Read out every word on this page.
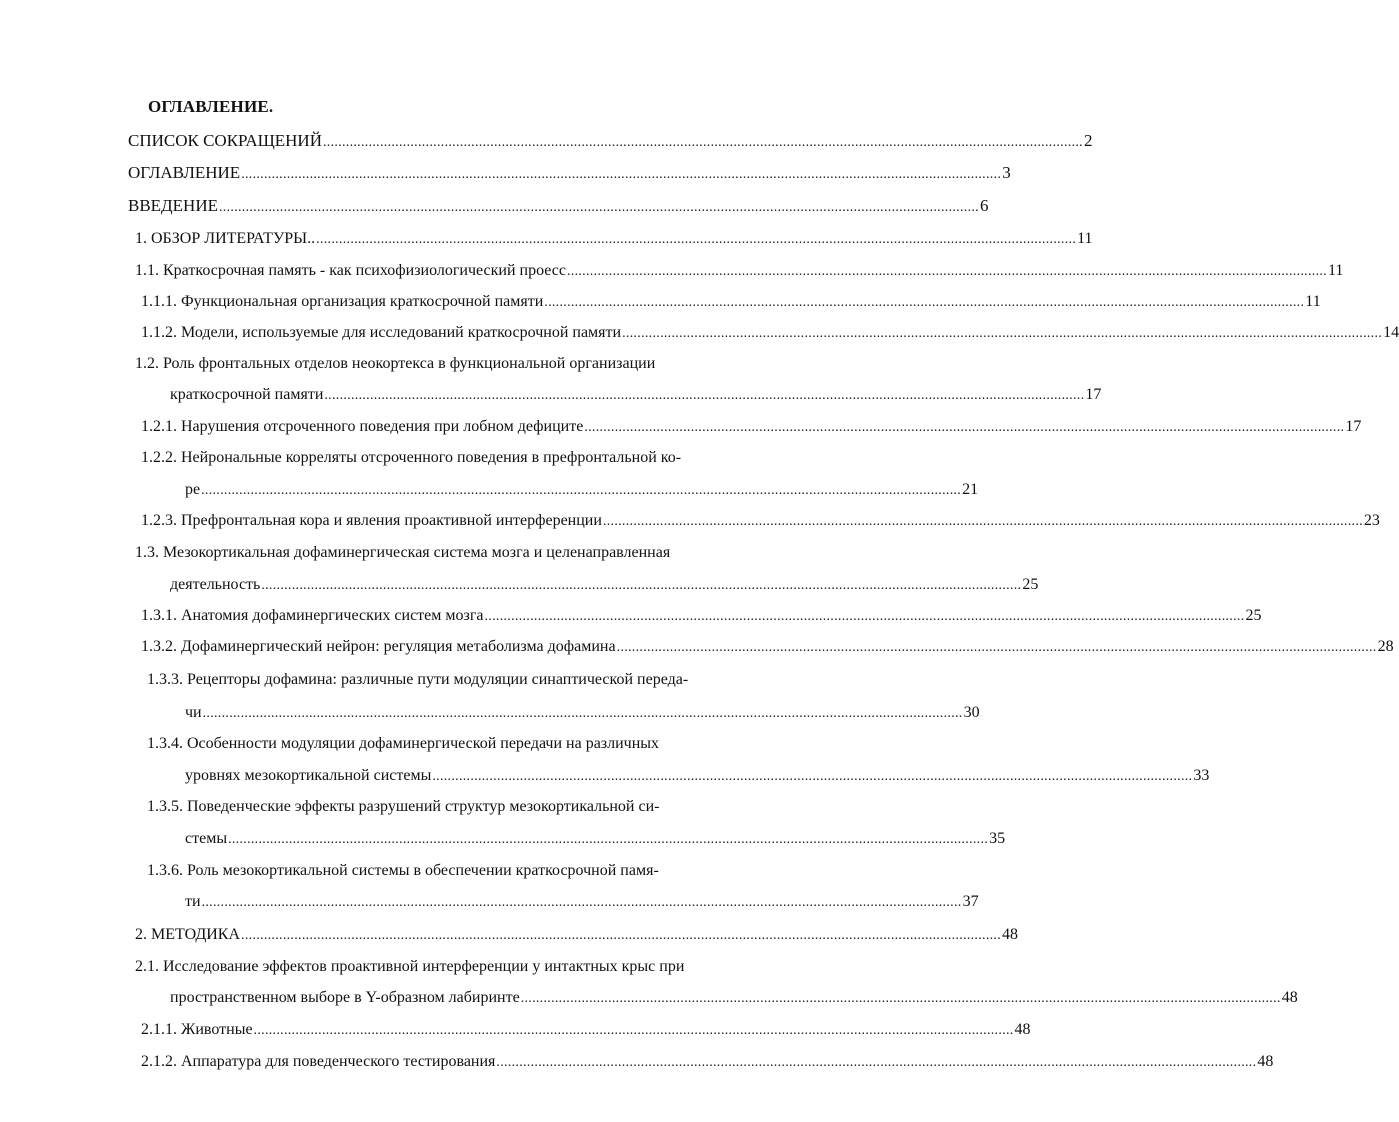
ОГЛАВЛЕНИЕ.
СПИСОК СОКРАЩЕНИЙ ........................................................................................................................................................................................................ 2
ОГЛАВЛЕНИЕ ........................................................................................................................................................................................................ 3
ВВЕДЕНИЕ ........................................................................................................................................................................................................ 6
1. ОБЗОР ЛИТЕРАТУРЫ.. ........................................................................................................................................................................................................ 11
1.1. Краткосрочная память - как психофизиологический проесс ........................................................................................................................................................................................................ 11
1.1.1. Функциональная организация краткосрочной памяти ........................................................................................................................................................................................................ 11
1.1.2. Модели, используемые для исследований краткосрочной памяти ........................................................................................................................................................................................................ 14
1.2. Роль фронтальных отделов неокортекса в функциональной организации
краткосрочной памяти ........................................................................................................................................................................................................ 17
1.2.1. Нарушения отсроченного поведения при лобном дефиците ........................................................................................................................................................................................................ 17
1.2.2. Нейрональные корреляты отсроченного поведения в префронтальной ко-
ре ........................................................................................................................................................................................................ 21
1.2.3. Префронтальная кора и явления проактивной интерференции ........................................................................................................................................................................................................ 23
1.3. Мезокортикальная дофаминергическая система мозга и целенаправленная
деятельность ........................................................................................................................................................................................................ 25
1.3.1. Анатомия дофаминергических систем мозга ........................................................................................................................................................................................................ 25
1.3.2. Дофаминергический нейрон: регуляция метаболизма дофамина ........................................................................................................................................................................................................ 28
1.3.3. Рецепторы дофамина: различные пути модуляции синаптической переда-
чи ........................................................................................................................................................................................................ 30
1.3.4. Особенности модуляции дофаминергической передачи на различных
уровнях мезокортикальной системы ........................................................................................................................................................................................................ 33
1.3.5. Поведенческие эффекты разрушений структур мезокортикальной си-
стемы ........................................................................................................................................................................................................ 35
1.3.6. Роль мезокортикальной системы в обеспечении краткосрочной памя-
ти ........................................................................................................................................................................................................ 37
2. МЕТОДИКА ........................................................................................................................................................................................................ 48
2.1. Исследование эффектов проактивной интерференции у интактных крыс при
пространственном выборе в Y-образном лабиринте ........................................................................................................................................................................................................ 48
2.1.1. Животные ........................................................................................................................................................................................................ 48
2.1.2. Аппаратура для поведенческого тестирования ........................................................................................................................................................................................................ 48
